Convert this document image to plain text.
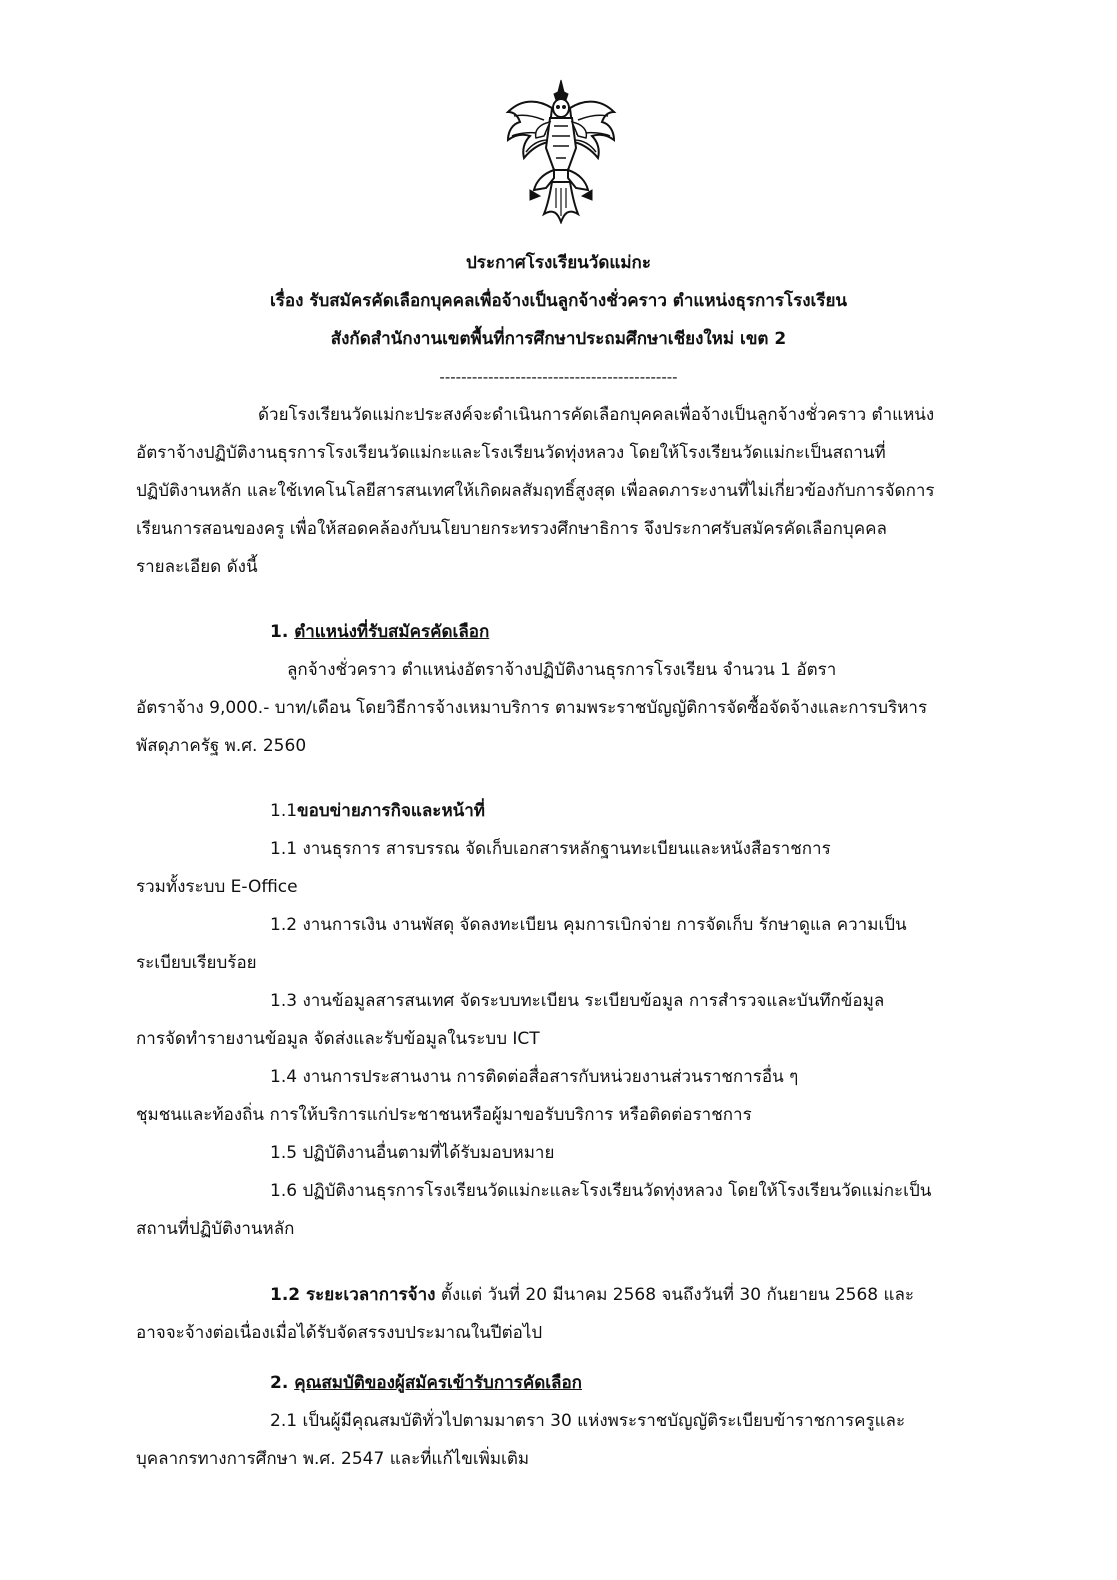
ประกาศโรงเรียนวัดแม่กะ
เรื่อง รับสมัครคัดเลือกบุคคลเพื่อจ้างเป็นลูกจ้างชั่วคราว ตำแหน่งธุรการโรงเรียน
สังกัดสำนักงานเขตพื้นที่การศึกษาประถมศึกษาเชียงใหม่ เขต 2
--------------------------------------------
ด้วยโรงเรียนวัดแม่กะประสงค์จะดำเนินการคัดเลือกบุคคลเพื่อจ้างเป็นลูกจ้างชั่วคราว ตำแหน่ง
อัตราจ้างปฏิบัติงานธุรการโรงเรียนวัดแม่กะและโรงเรียนวัดทุ่งหลวง โดยให้โรงเรียนวัดแม่กะเป็นสถานที่
ปฏิบัติงานหลัก และใช้เทคโนโลยีสารสนเทศให้เกิดผลสัมฤทธิ์สูงสุด เพื่อลดภาระงานที่ไม่เกี่ยวข้องกับการจัดการ
เรียนการสอนของครู เพื่อให้สอดคล้องกับนโยบายกระทรวงศึกษาธิการ จึงประกาศรับสมัครคัดเลือกบุคคล
รายละเอียด ดังนี้
1. ตำแหน่งที่รับสมัครคัดเลือก
ลูกจ้างชั่วคราว ตำแหน่งอัตราจ้างปฏิบัติงานธุรการโรงเรียน จำนวน 1 อัตรา
อัตราจ้าง 9,000.- บาท/เดือน โดยวิธีการจ้างเหมาบริการ ตามพระราชบัญญัติการจัดซื้อจัดจ้างและการบริหาร
พัสดุภาครัฐ พ.ศ. 2560
1.1ขอบข่ายภารกิจและหน้าที่
1.1 งานธุรการ สารบรรณ จัดเก็บเอกสารหลักฐานทะเบียนและหนังสือราชการ
รวมทั้งระบบ E-Office
1.2 งานการเงิน งานพัสดุ จัดลงทะเบียน คุมการเบิกจ่าย การจัดเก็บ รักษาดูแล ความเป็น
ระเบียบเรียบร้อย
1.3 งานข้อมูลสารสนเทศ จัดระบบทะเบียน ระเบียบข้อมูล การสำรวจและบันทึกข้อมูล
การจัดทำรายงานข้อมูล จัดส่งและรับข้อมูลในระบบ ICT
1.4 งานการประสานงาน การติดต่อสื่อสารกับหน่วยงานส่วนราชการอื่น ๆ
ชุมชนและท้องถิ่น การให้บริการแก่ประชาชนหรือผู้มาขอรับบริการ หรือติดต่อราชการ
1.5 ปฏิบัติงานอื่นตามที่ได้รับมอบหมาย
1.6 ปฏิบัติงานธุรการโรงเรียนวัดแม่กะและโรงเรียนวัดทุ่งหลวง โดยให้โรงเรียนวัดแม่กะเป็น
สถานที่ปฏิบัติงานหลัก
1.2 ระยะเวลาการจ้าง ตั้งแต่ วันที่ 20 มีนาคม 2568 จนถึงวันที่ 30 กันยายน 2568 และ
อาจจะจ้างต่อเนื่องเมื่อได้รับจัดสรรงบประมาณในปีต่อไป
2. คุณสมบัติของผู้สมัครเข้ารับการคัดเลือก
2.1 เป็นผู้มีคุณสมบัติทั่วไปตามมาตรา 30 แห่งพระราชบัญญัติระเบียบข้าราชการครูและ
บุคลากรทางการศึกษา พ.ศ. 2547 และที่แก้ไขเพิ่มเติม
